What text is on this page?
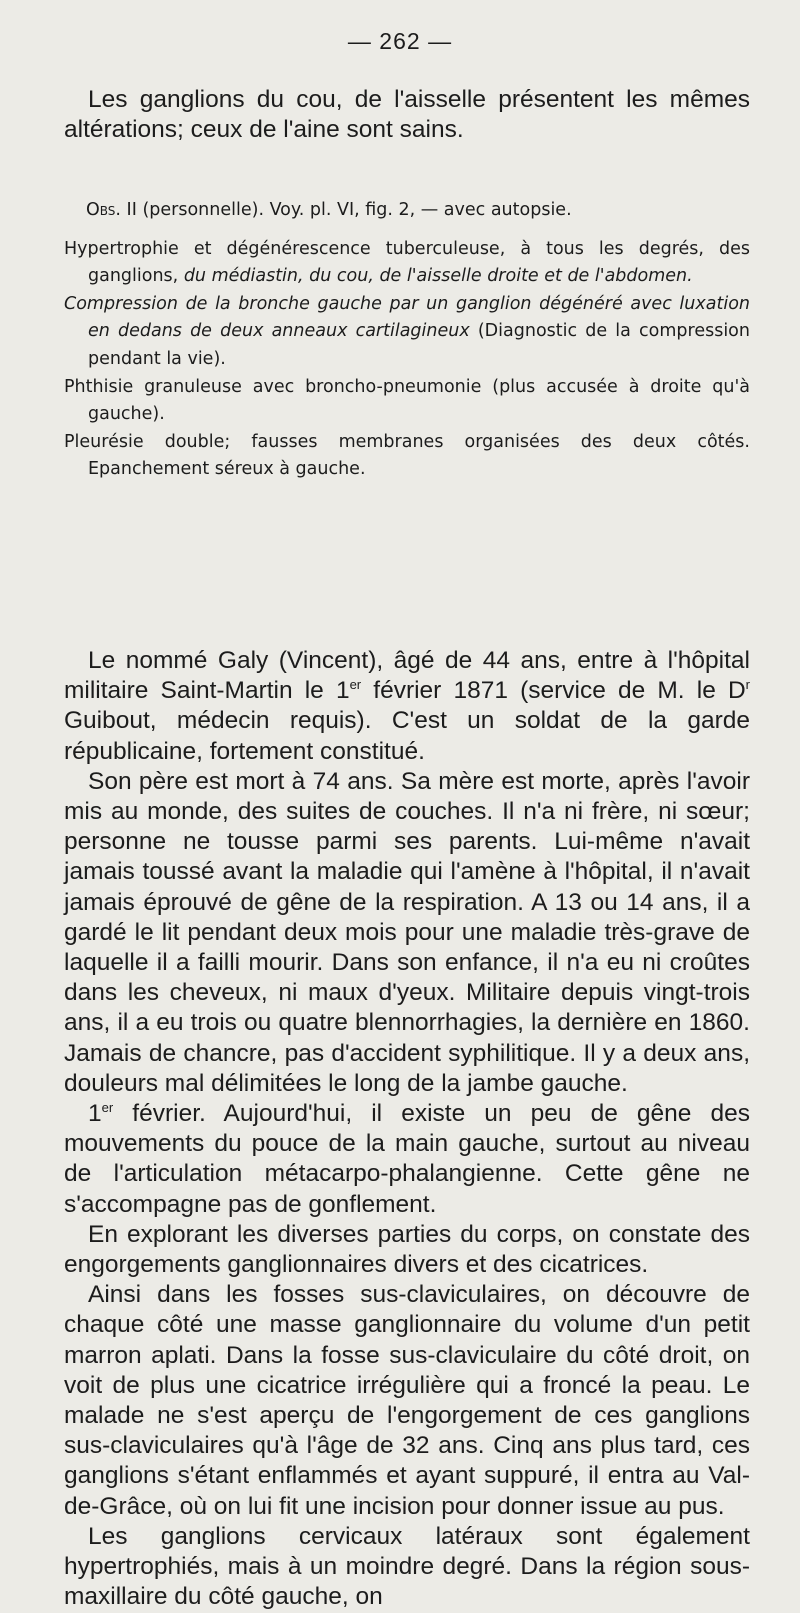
— 262 —

Les ganglions du cou, de l'aisselle présentent les mêmes altérations; ceux de l'aine sont sains.

Obs. II (personnelle). Voy. pl. VI, fig. 2, — avec autopsie.

Hypertrophie et dégénérescence tuberculeuse, à tous les degrés, des ganglions, du médiastin, du cou, de l'aisselle droite et de l'abdomen.

Compression de la bronche gauche par un ganglion dégénéré avec luxation en dedans de deux anneaux cartilagineux (Diagnostic de la compression pendant la vie).

Phthisie granuleuse avec broncho-pneumonie (plus accusée à droite qu'à gauche).

Pleurésie double; fausses membranes organisées des deux côtés. Epanchement séreux à gauche.

Le nommé Galy (Vincent), âgé de 44 ans, entre à l'hôpital militaire Saint-Martin le 1er février 1871 (service de M. le $D^r$ Guibout, médecin requis). C'est un soldat de la garde républicaine, fortement constitué.

Son père est mort à 74 ans. Sa mère est morte, après l'avoir mis au monde, des suites de couches. Il n'a ni frère, ni sœur; personne ne tousse parmi ses parents. Lui-même n'avait jamais toussé avant la maladie qui l'amène à l'hôpital, il n'avait jamais éprouvé de gêne de la respiration. A 13 ou 14 ans, il a gardé le lit pendant deux mois pour une maladie très-grave de laquelle il a failli mourir. Dans son enfance, il n'a eu ni croûtes dans les cheveux, ni maux d'yeux. Militaire depuis vingt-trois ans, il a eu trois ou quatre blennorrhagies, la dernière en 1860. Jamais de chancre, pas d'accident syphilitique. Il y a deux ans, douleurs mal délimitées le long de la jambe gauche.

1er février. Aujourd'hui, il existe un peu de gêne des mouvements du pouce de la main gauche, surtout au niveau de l'articulation métacarpo-phalangienne. Cette gêne ne s'accompagne pas de gonflement.

En explorant les diverses parties du corps, on constate des engorgements ganglionnaires divers et des cicatrices.

Ainsi dans les fosses sus-claviculaires, on découvre de chaque côté une masse ganglionnaire du volume d'un petit marron aplati. Dans la fosse sus-claviculaire du côté droit, on voit de plus une cicatrice irrégulière qui a froncé la peau. Le malade ne s'est aperçu de l'engorgement de ces ganglions sus-claviculaires qu'à l'âge de 32 ans. Cinq ans plus tard, ces ganglions s'étant enflammés et ayant suppuré, il entra au Val-de-Grâce, où on lui fit une incision pour donner issue au pus.

Les ganglions cervicaux latéraux sont également hypertrophiés, mais à un moindre degré. Dans la région sous-maxillaire du côté gauche, on
